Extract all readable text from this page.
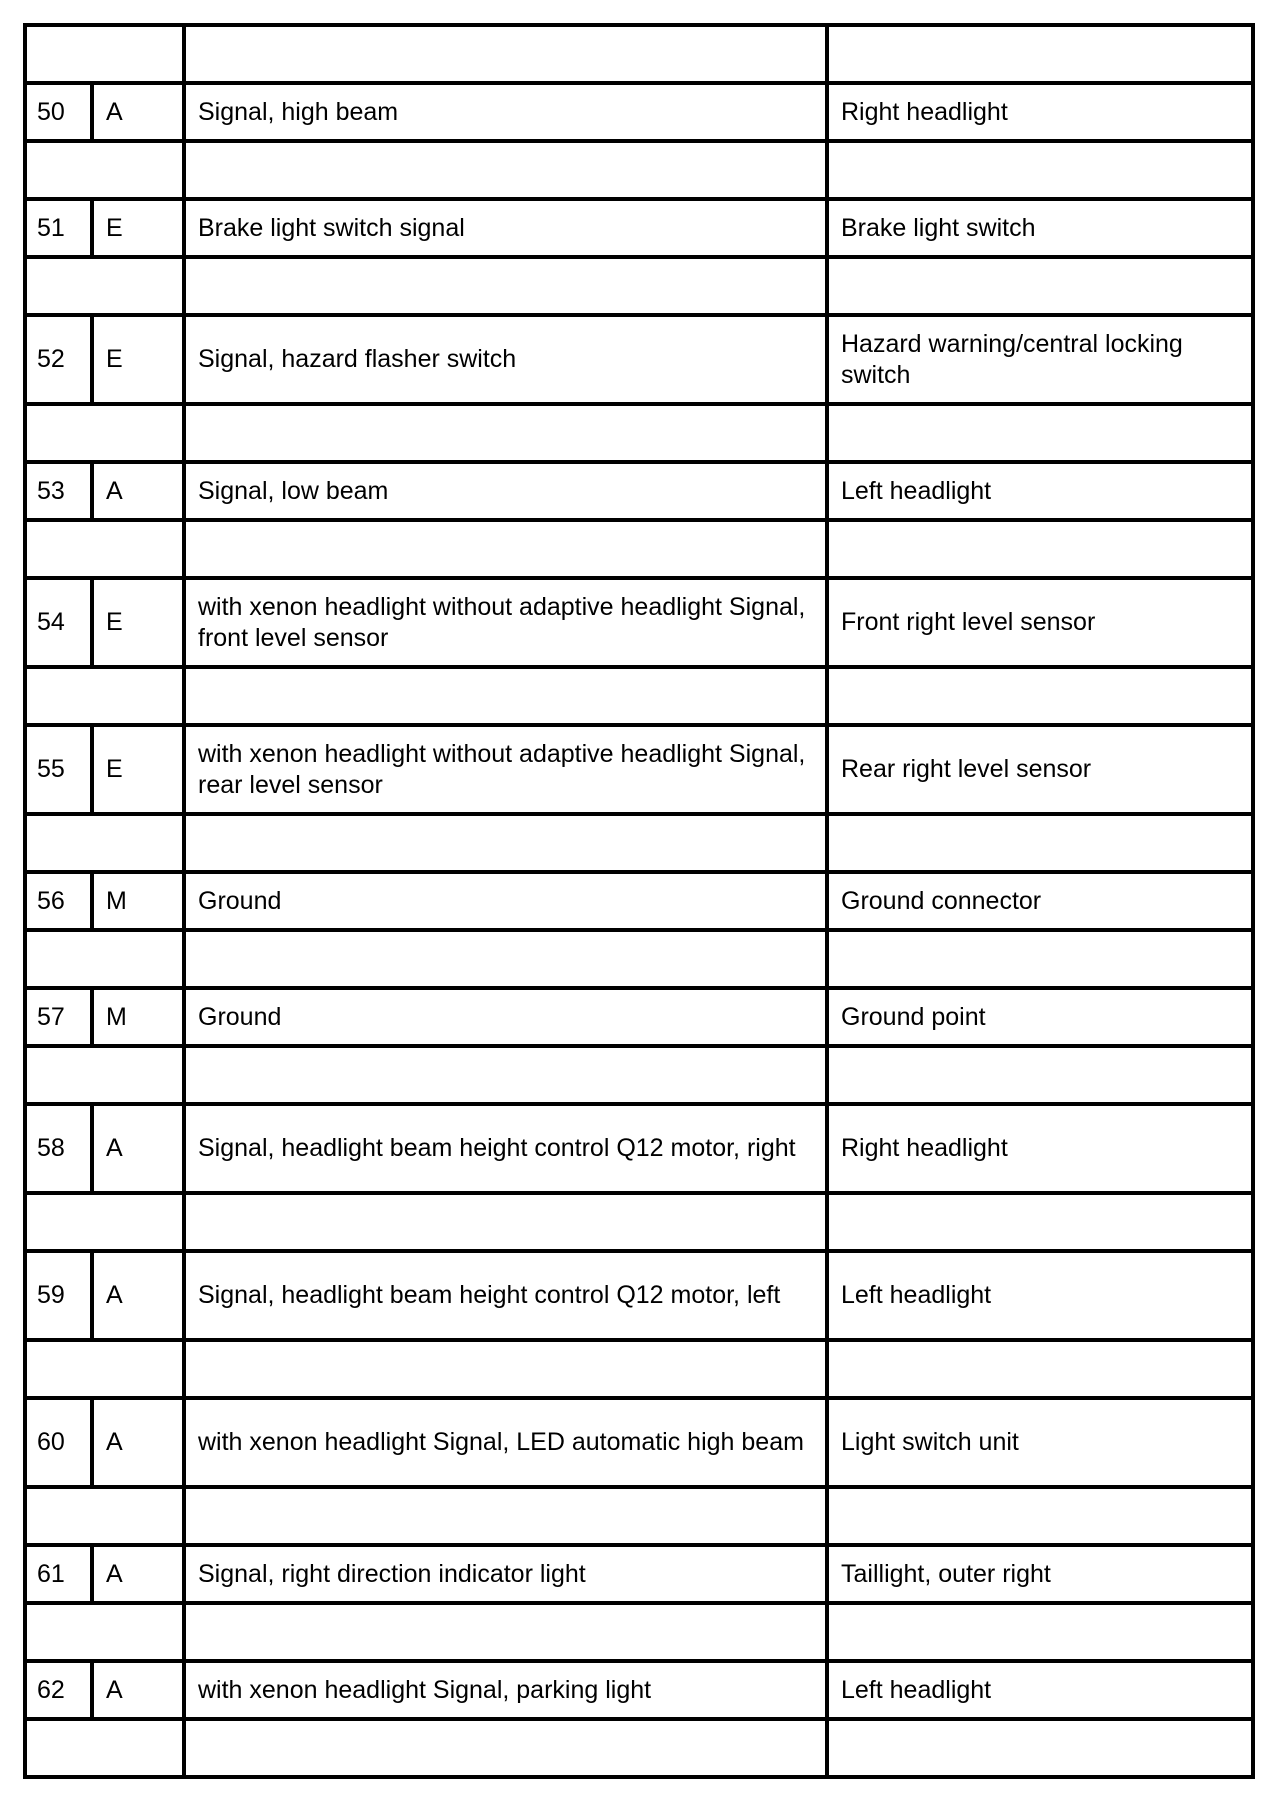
50	A	Signal, high beam	Right headlight

51	E	Brake light switch signal	Brake light switch

52	E	Signal, hazard flasher switch	Hazard warning/central locking switch

53	A	Signal, low beam	Left headlight

54	E	with xenon headlight without adaptive headlight Signal, front level sensor	Front right level sensor

55	E	with xenon headlight without adaptive headlight Signal, rear level sensor	Rear right level sensor

56	M	Ground	Ground connector

57	M	Ground	Ground point

58	A	Signal, headlight beam height control Q12 motor, right	Right headlight

59	A	Signal, headlight beam height control Q12 motor, left	Left headlight

60	A	with xenon headlight Signal, LED automatic high beam	Light switch unit

61	A	Signal, right direction indicator light	Taillight, outer right

62	A	with xenon headlight Signal, parking light	Left headlight
